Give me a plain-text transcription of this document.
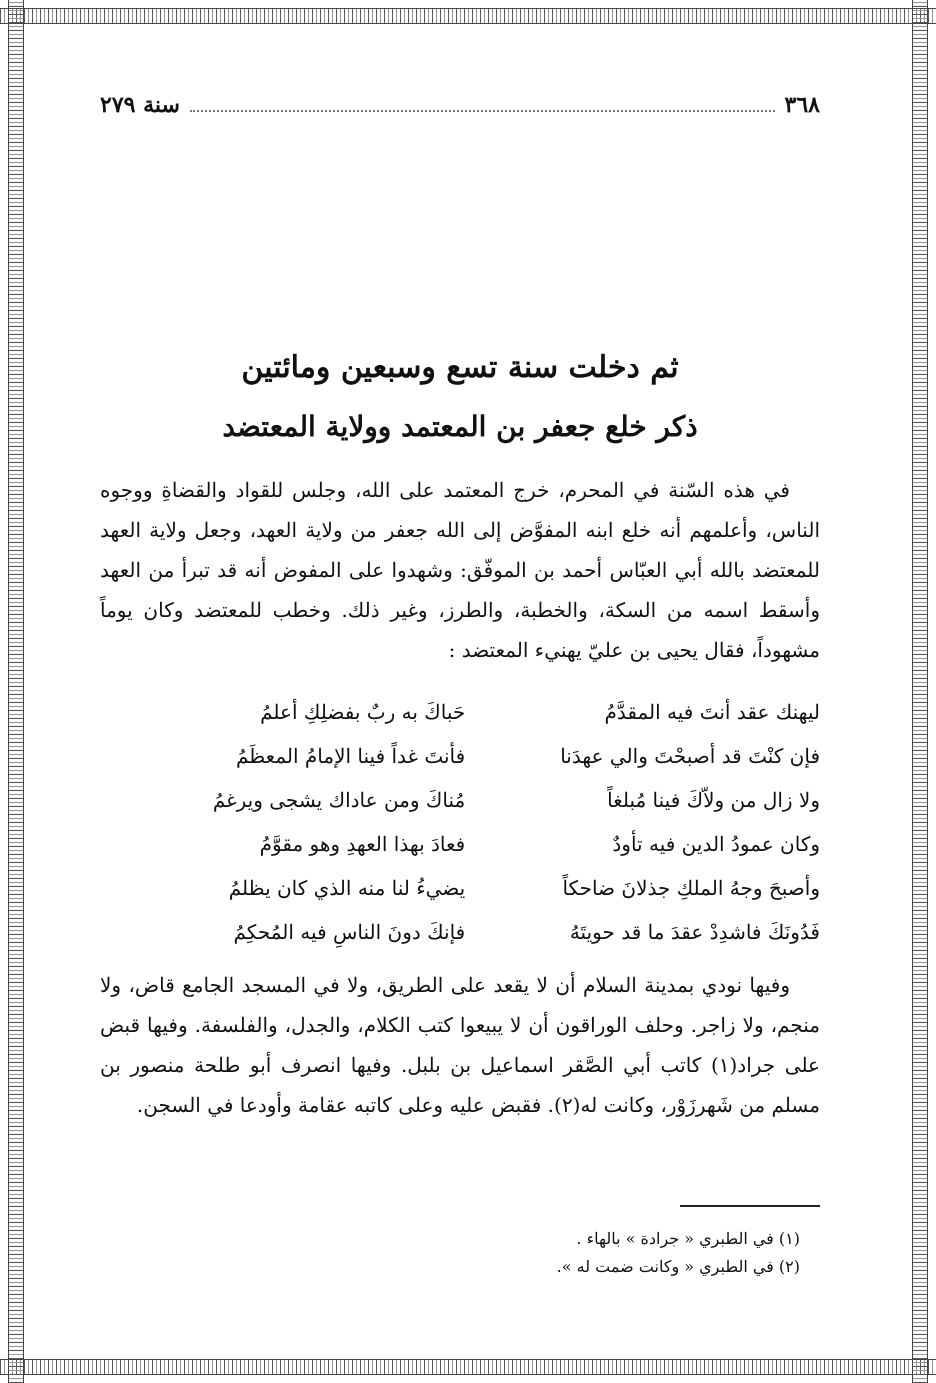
٣٦٨
سنة ٢٧٩
ثم دخلت سنة تسع وسبعين ومائتين
ذكر خلع جعفر بن المعتمد وولاية المعتضد

في هذه السّنة في المحرم، خرج المعتمد على الله، وجلس للقواد والقضاةِ ووجوه الناس، وأعلمهم أنه خلع ابنه المفوَّض إلى الله جعفر من ولاية العهد، وجعل ولاية العهد للمعتضد بالله أبي العبّاس أحمد بن الموفّق: وشهدوا على المفوض أنه قد تبرأ من العهد وأسقط اسمه من السكة، والخطبة، والطرز، وغير ذلك. وخطب للمعتضد وكان يوماً مشهوداً، فقال يحيى بن عليّ يهنيء المعتضد :

ليهنك عقد أنتَ فيه المقدَّمُ
حَباكَ به ربٌ بفضلِكِ أعلمُ
فإن كنْتَ قد أصبحْتَ والي عهدَنا
فأنتَ غداً فينا الإمامُ المعظَمُ
ولا زال من ولاّكَ فينا مُبلغاً
مُناكَ ومن عاداك يشجى ويرغمُ
وكان عمودُ الدين فيه تأودٌ
فعادَ بهذا العهدِ وهو مقوَّمُ
وأصبحَ وجهُ الملكِ جذلانَ ضاحكاً
يضيءُ لنا منه الذي كان يظلمُ
فَدُونَكَ فاشدِدْ عقدَ ما قد حويتَهُ
فإنكَ دونَ الناسِ فيه المُحكِمُ

وفيها نودي بمدينة السلام أن لا يقعد على الطريق، ولا في المسجد الجامع قاض، ولا منجم، ولا زاجر. وحلف الوراقون أن لا يبيعوا كتب الكلام، والجدل، والفلسفة. وفيها قبض على جراد(١) كاتب أبي الصَّقر اسماعيل بن بلبل. وفيها انصرف أبو طلحة منصور بن مسلم من شَهرزَوْر، وكانت له(٢). فقبض عليه وعلى كاتبه عقامة وأودعا في السجن.

(١) في الطبري « جرادة » بالهاء .
(٢) في الطبري « وكانت ضمت له ».
